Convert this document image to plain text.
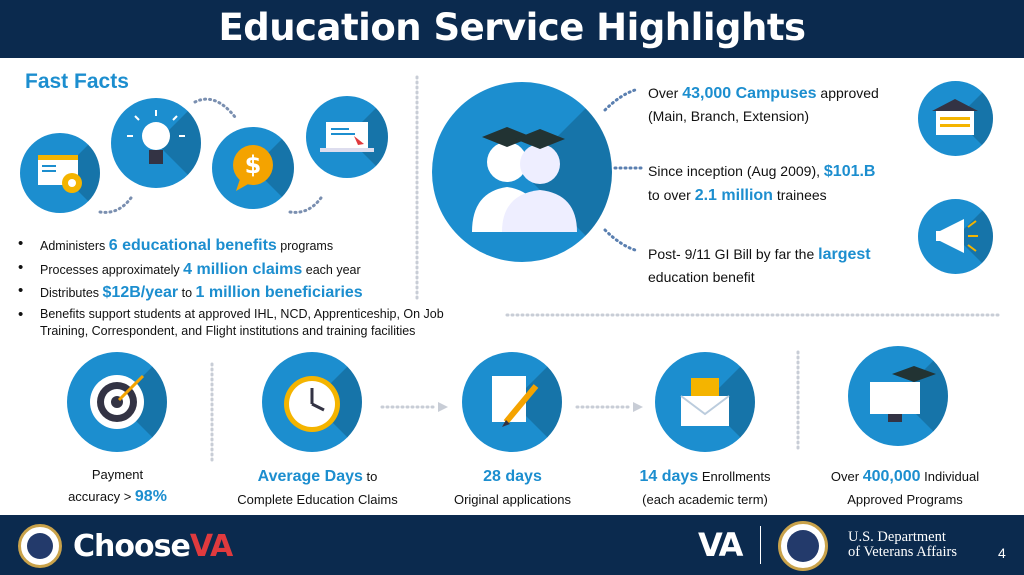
Education Service Highlights
Fast Facts
$
• Administers 6 educational benefits programs
• Processes approximately 4 million claims each year
• Distributes $12B/year to 1 million beneficiaries
• Benefits support students at approved IHL, NCD, Apprenticeship, On Job Training, Correspondent, and Flight institutions and training facilities
Over 43,000 Campuses approved
(Main, Branch, Extension)
Since inception (Aug 2009), $101.B
to over 2.1 million trainees
Post- 9/11 GI Bill by far the largest
education benefit
Payment
accuracy > 98%
Average Days to
Complete Education Claims
28 days
Original applications
14 days Enrollments
(each academic term)
Over 400,000 Individual
Approved Programs
ChooseVA	VA	U.S. Department
of Veterans Affairs	4
